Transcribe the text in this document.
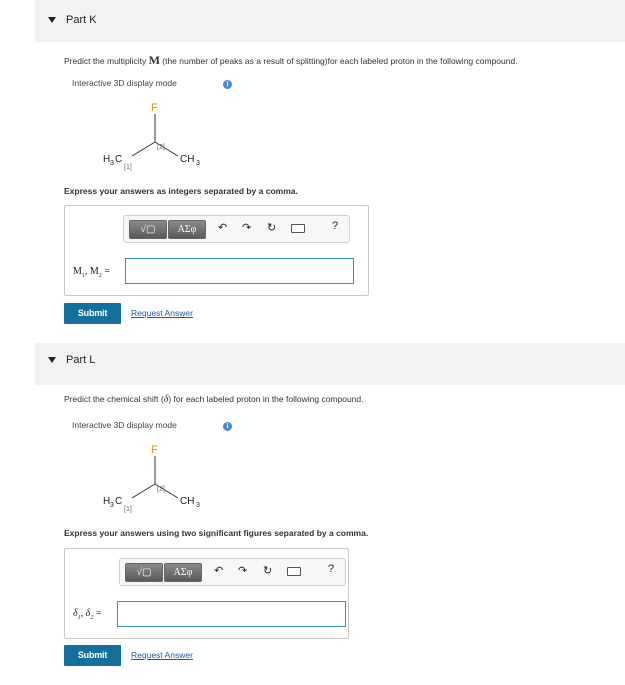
Part K
Predict the multiplicity M (the number of peaks as a result of splitting)for each labeled proton in the following compound.
Interactive 3D display mode	i
F
[2]
CH 3
H 3 C
[1]
Express your answers as integers separated by a comma.
√▢	ΑΣφ	↶ ↷ ↻	?
$M_1$, $M_2$ =
Submit	Request Answer
Part L
Predict the chemical shift (δ) for each labeled proton in the following compound.
Interactive 3D display mode	i
F
[2]
CH 3
H 3 C
[1]
Express your answers using two significant figures separated by a comma.
√▢	ΑΣφ	↶ ↷ ↻	?
$\delta_1$, $\delta_2$ =
Submit	Request Answer
